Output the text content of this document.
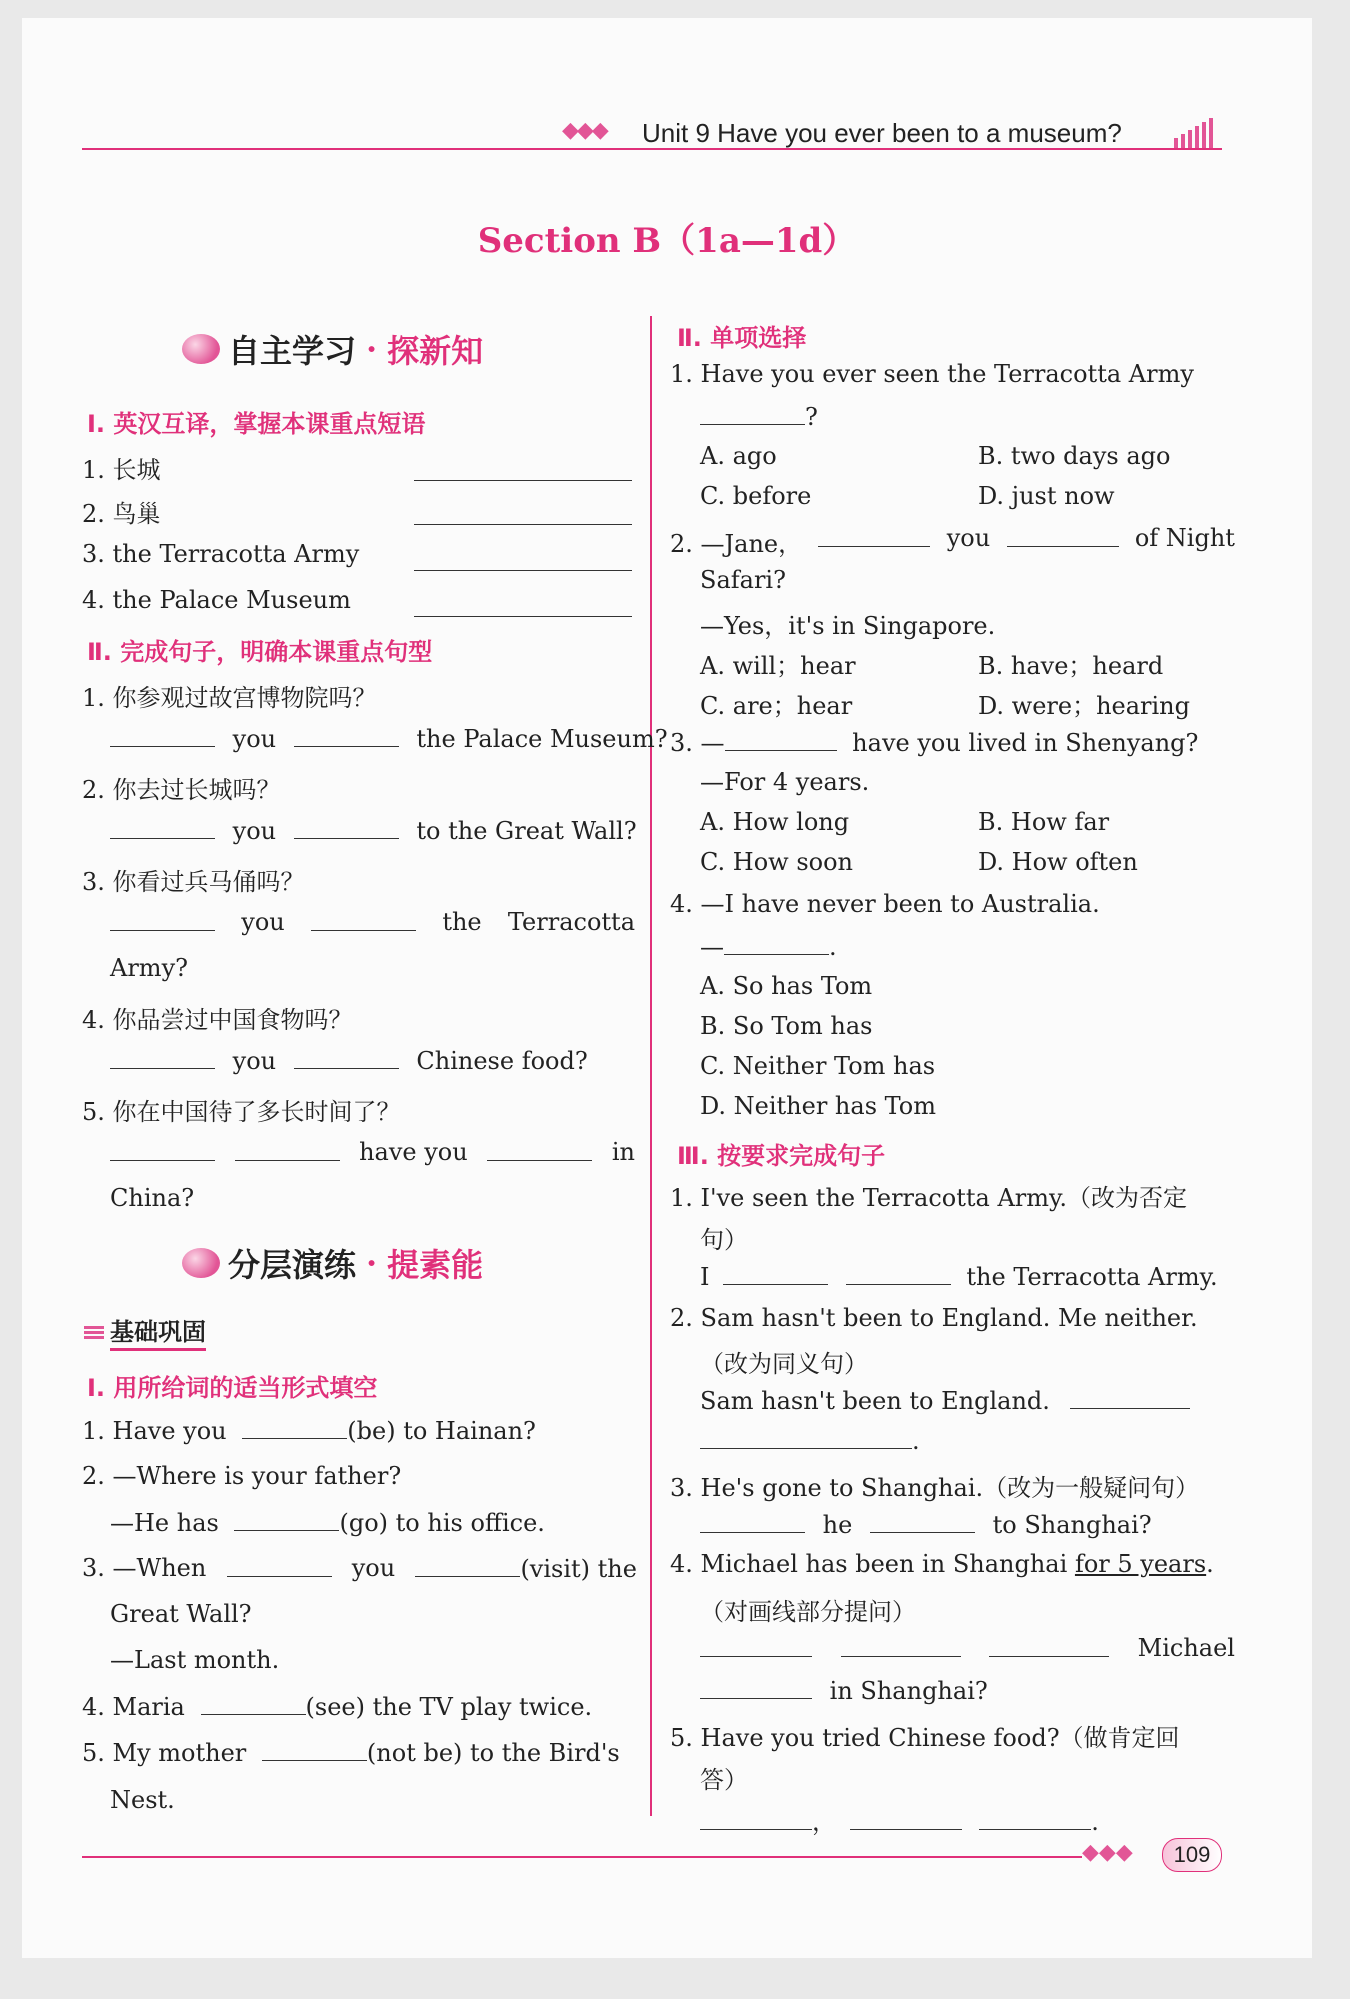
◆◆◆ Unit 9 Have you ever been to a museum?
Section B（1a—1d）
自主学习 · 探新知
Ⅰ. 英汉互译，掌握本课重点短语
1. 长城
2. 鸟巢
3. the Terracotta Army
4. the Palace Museum
Ⅱ. 完成句子，明确本课重点句型
1. 你参观过故宫博物院吗？
you	the Palace Museum?
2. 你去过长城吗？
you	to the Great Wall?
3. 你看过兵马俑吗？
you	the Terracotta
Army?
4. 你品尝过中国食物吗？
you	Chinese food?
5. 你在中国待了多长时间了？
have you	in
China?
分层演练 · 提素能
基础巩固
Ⅰ. 用所给词的适当形式填空
1. Have you	(be) to Hainan?
2. —Where is your father?
—He has	(go) to his office.
3. —When	you	(visit) the
Great Wall?
—Last month.
4. Maria	(see) the TV play twice.
5. My mother	(not be) to the Bird's
Nest.
Ⅱ. 单项选择
1. Have you ever seen the Terracotta Army
?
A. ago	B. two days ago
C. before	D. just now
2. —Jane，	you	of Night
Safari?
—Yes，it's in Singapore.
A. will；hear	B. have；heard
C. are；hear	D. were；hearing
3. —	have you lived in Shenyang?
—For 4 years.
A. How long	B. How far
C. How soon	D. How often
4. —I have never been to Australia.
—	.
A. So has Tom
B. So Tom has
C. Neither Tom has
D. Neither has Tom
Ⅲ. 按要求完成句子
1. I've seen the Terracotta Army.（改为否定
句）
I	the Terracotta Army.
2. Sam hasn't been to England. Me neither.
（改为同义句）
Sam hasn't been to England.
.
3. He's gone to Shanghai.（改为一般疑问句）
he	to Shanghai?
4. Michael has been in Shanghai for 5 years.
（对画线部分提问）
Michael
in Shanghai?
5. Have you tried Chinese food?（做肯定回
答）
，	.
◆◆◆	109
